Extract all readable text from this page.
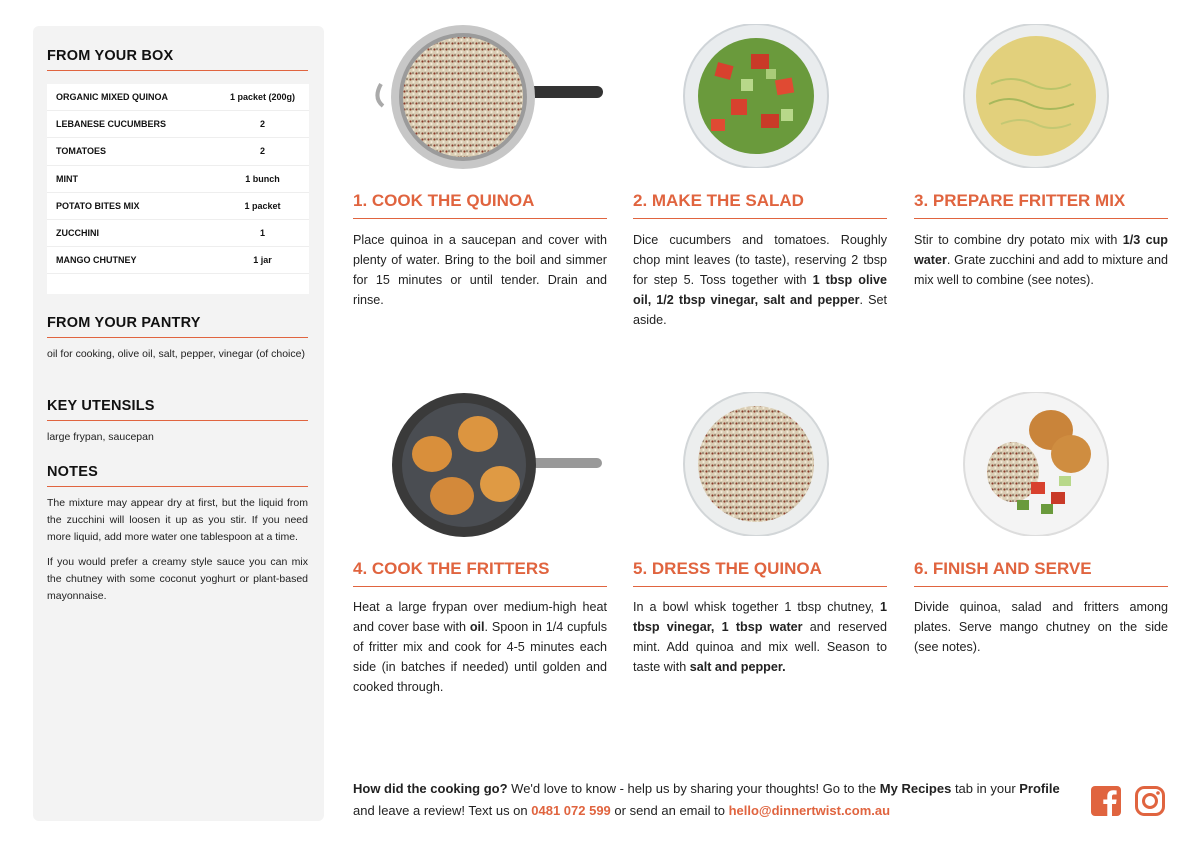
FROM YOUR BOX
ORGANIC MIXED QUINOA	1 packet (200g)
LEBANESE CUCUMBERS	2
TOMATOES	2
MINT	1 bunch
POTATO BITES MIX	1 packet
ZUCCHINI	1
MANGO CHUTNEY	1 jar
FROM YOUR PANTRY

oil for cooking, olive oil, salt, pepper, vinegar (of choice)

KEY UTENSILS

large frypan, saucepan

NOTES

The mixture may appear dry at first, but the liquid from the zucchini will loosen it up as you stir. If you need more liquid, add more water one tablespoon at a time.

If you would prefer a creamy style sauce you can mix the chutney with some coconut yoghurt or plant-based mayonnaise.

1. COOK THE QUINOA
Place quinoa in a saucepan and cover with plenty of water. Bring to the boil and simmer for 15 minutes or until tender. Drain and rinse.
2. MAKE THE SALAD
Dice cucumbers and tomatoes. Roughly chop mint leaves (to taste), reserving 2 tbsp for step 5. Toss together with 1 tbsp olive oil, 1/2 tbsp vinegar, salt and pepper. Set aside.
3. PREPARE FRITTER MIX
Stir to combine dry potato mix with 1/3 cup water. Grate zucchini and add to mixture and mix well to combine (see notes).
4. COOK THE FRITTERS
Heat a large frypan over medium-high heat and cover base with oil. Spoon in 1/4 cupfuls of fritter mix and cook for 4-5 minutes each side (in batches if needed) until golden and cooked through.
5. DRESS THE QUINOA
In a bowl whisk together 1 tbsp chutney, 1 tbsp vinegar, 1 tbsp water and reserved mint. Add quinoa and mix well. Season to taste with salt and pepper.
6. FINISH AND SERVE
Divide quinoa, salad and fritters among plates. Serve mango chutney on the side (see notes).
How did the cooking go? We'd love to know - help us by sharing your thoughts! Go to the My Recipes tab in your Profile and leave a review! Text us on 0481 072 599 or send an email to hello@dinnertwist.com.au
